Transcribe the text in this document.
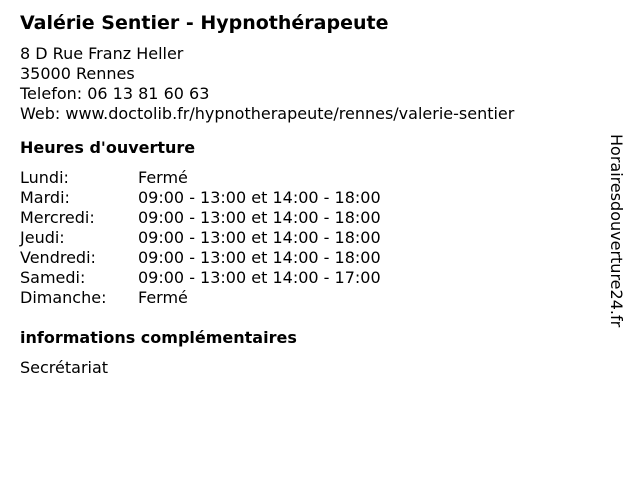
Valérie Sentier - Hypnothérapeute
8 D Rue Franz Heller
35000 Rennes
Telefon: 06 13 81 60 63
Web: www.doctolib.fr/hypnotherapeute/rennes/valerie-sentier
Heures d'ouverture
Lundi:	Fermé
Mardi:	09:00 - 13:00 et 14:00 - 18:00
Mercredi:	09:00 - 13:00 et 14:00 - 18:00
Jeudi:	09:00 - 13:00 et 14:00 - 18:00
Vendredi:	09:00 - 13:00 et 14:00 - 18:00
Samedi:	09:00 - 13:00 et 14:00 - 17:00
Dimanche:	Fermé
informations complémentaires
Secrétariat
Horairesdouverture24.fr
